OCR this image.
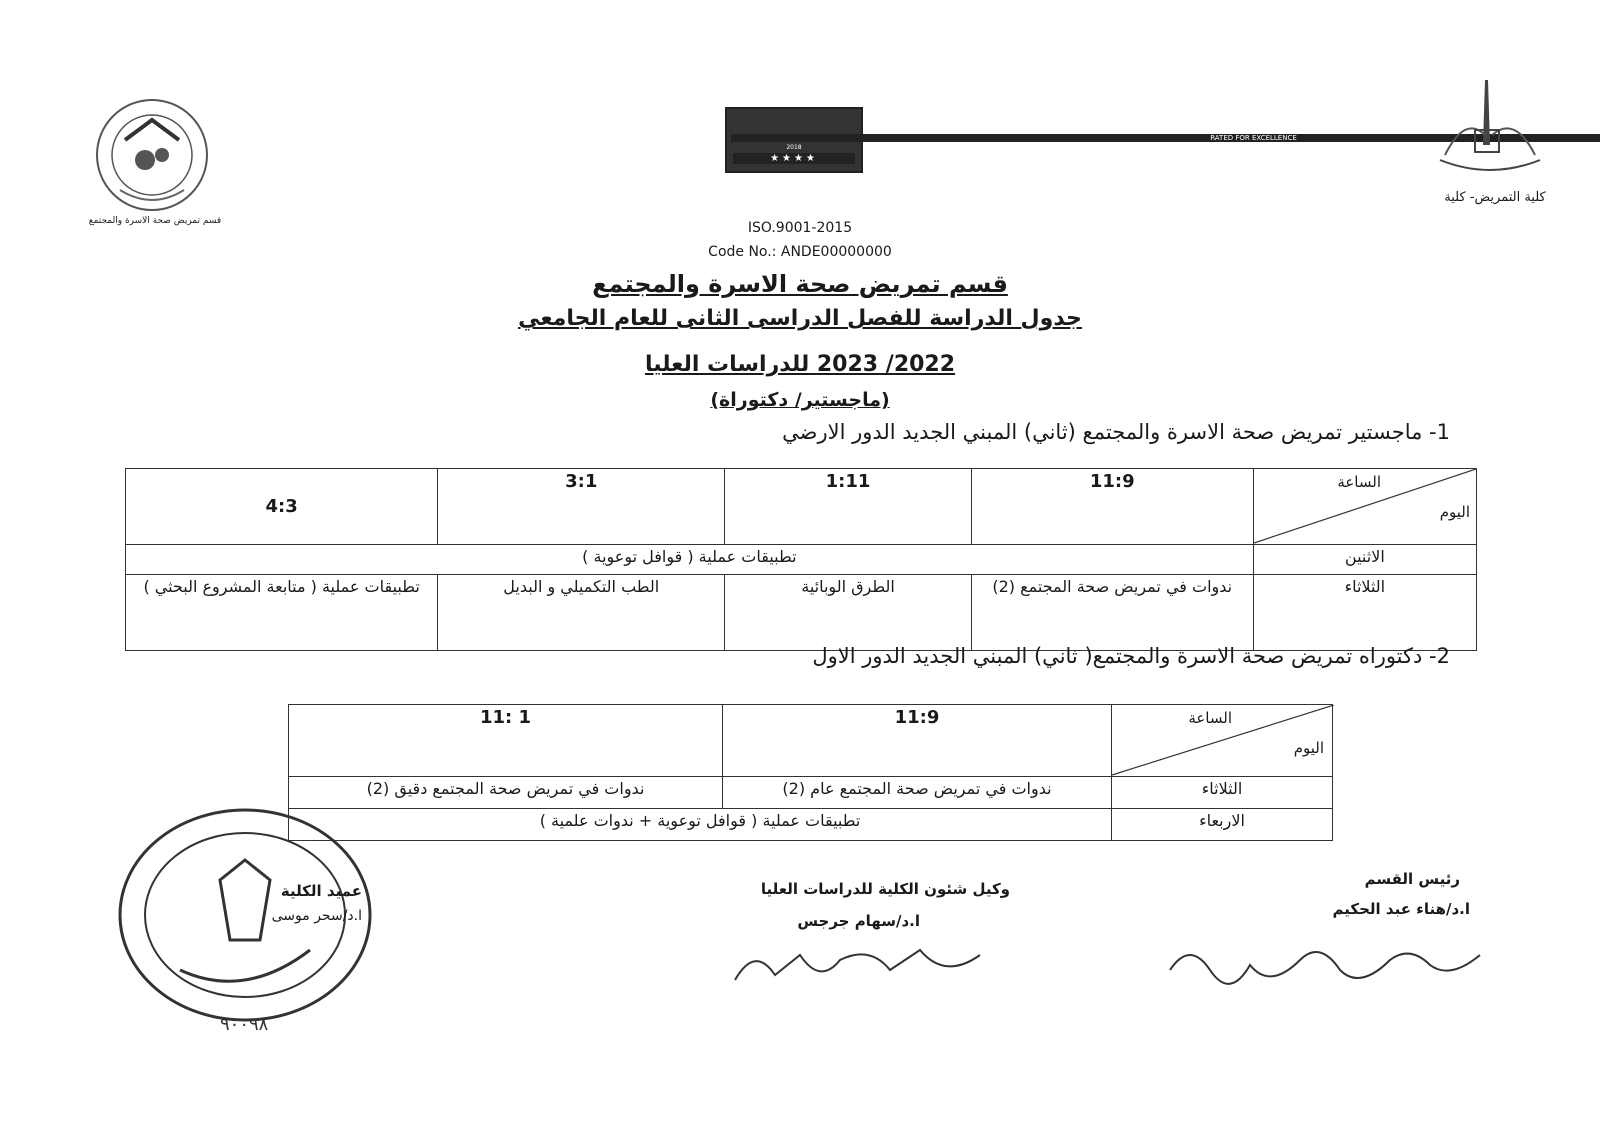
قسم تمريض صحة الاسرة والمجتمع
STARS
RATED FOR EXCELLENCE
2018
★★★★
كلية التمريض- كلية
ISO.9001-2015
Code No.: ANDE00000000
قسم تمريض صحة الاسرة والمجتمع
جدول الدراسة للفصل الدراسى الثانى للعام الجامعي
2022/ 2023 للدراسات العليا
(ماجستير/ دكتوراة)
1- ماجستير تمريض صحة الاسرة والمجتمع (ثاني) المبني الجديد الدور الارضي
الساعة
اليوم	11:9	1:11	3:1	4:3
الاثنين	تطبيقات عملية ( قوافل توعوية )			
الثلاثاء	ندوات في تمريض صحة المجتمع (2)	الطرق الوبائية	الطب التكميلي و البديل	تطبيقات عملية ( متابعة المشروع البحثي )
2- دكتوراه تمريض صحة الاسرة والمجتمع( ثاني) المبني الجديد الدور الاول
الساعة
اليوم	11:9	1 :11
الثلاثاء	ندوات في تمريض صحة المجتمع عام (2)	ندوات في تمريض صحة المجتمع دقيق (2)
الاربعاء	تطبيقات عملية ( قوافل توعوية + ندوات علمية )	
رئيس القسم
ا.د/هناء عبد الحكيم
وكيل شئون الكلية للدراسات العليا
ا.د/سهام جرجس
٩٠٠٩٨
عميد الكلية
ا.د/سحر موسى
